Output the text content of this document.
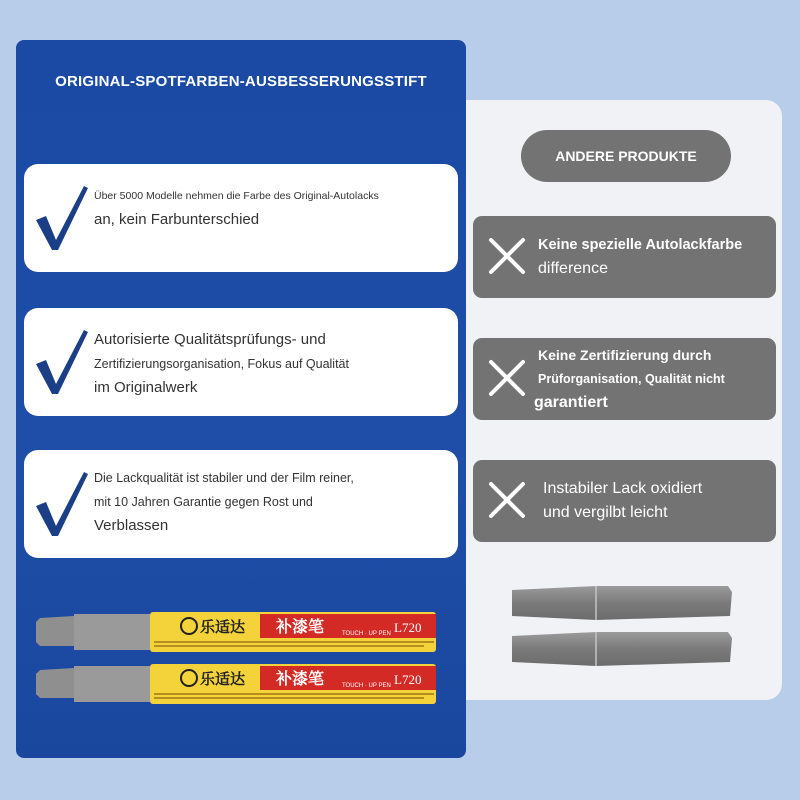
ORIGINAL-SPOTFARBEN-AUSBESSERUNGSSTIFT
Über 5000 Modelle nehmen die Farbe des Original-Autolacks
an, kein Farbunterschied
Autorisierte Qualitätsprüfungs- und
Zertifizierungsorganisation, Fokus auf Qualität
im Originalwerk
Die Lackqualität ist stabiler und der Film reiner,
mit 10 Jahren Garantie gegen Rost und
Verblassen
乐适达 补漆笔	TOUCH · UP PEN L720
乐适达 补漆笔	TOUCH · UP PEN L720
ANDERE PRODUKTE
Keine spezielle Autolackfarbe
difference
Keine Zertifizierung durch
Prüforganisation, Qualität nicht
garantiert
Instabiler Lack oxidiert
und vergilbt leicht
